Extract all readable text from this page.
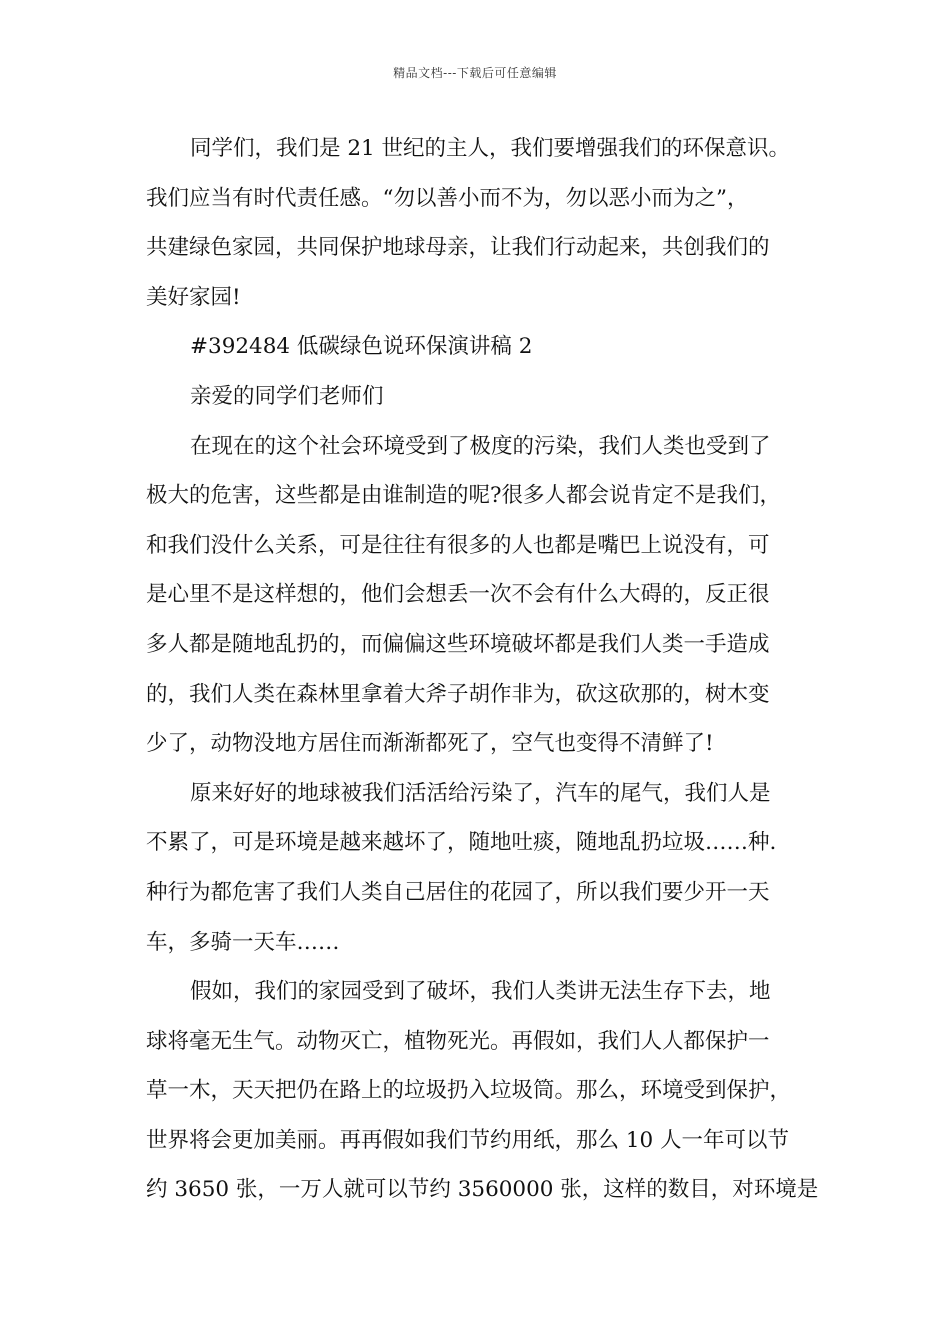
精品文档---下载后可任意编辑
同学们，我们是 21 世纪的主人，我们要增强我们的环保意识。
我们应当有时代责任感。“勿以善小而不为，勿以恶小而为之”，
共建绿色家园，共同保护地球母亲，让我们行动起来，共创我们的
美好家园!
#392484 低碳绿色说环保演讲稿 2
亲爱的同学们老师们
在现在的这个社会环境受到了极度的污染，我们人类也受到了
极大的危害，这些都是由谁制造的呢?很多人都会说肯定不是我们，
和我们没什么关系，可是往往有很多的人也都是嘴巴上说没有，可
是心里不是这样想的，他们会想丢一次不会有什么大碍的，反正很
多人都是随地乱扔的，而偏偏这些环境破坏都是我们人类一手造成
的，我们人类在森林里拿着大斧子胡作非为，砍这砍那的，树木变
少了，动物没地方居住而渐渐都死了，空气也变得不清鲜了!
原来好好的地球被我们活活给污染了，汽车的尾气，我们人是
不累了，可是环境是越来越坏了，随地吐痰，随地乱扔垃圾……种.
种行为都危害了我们人类自己居住的花园了，所以我们要少开一天
车，多骑一天车……
假如，我们的家园受到了破坏，我们人类讲无法生存下去，地
球将毫无生气。动物灭亡，植物死光。再假如，我们人人都保护一
草一木，天天把仍在路上的垃圾扔入垃圾筒。那么，环境受到保护，
世界将会更加美丽。再再假如我们节约用纸，那么 10 人一年可以节
约 3650 张，一万人就可以节约 3560000 张，这样的数目，对环境是
